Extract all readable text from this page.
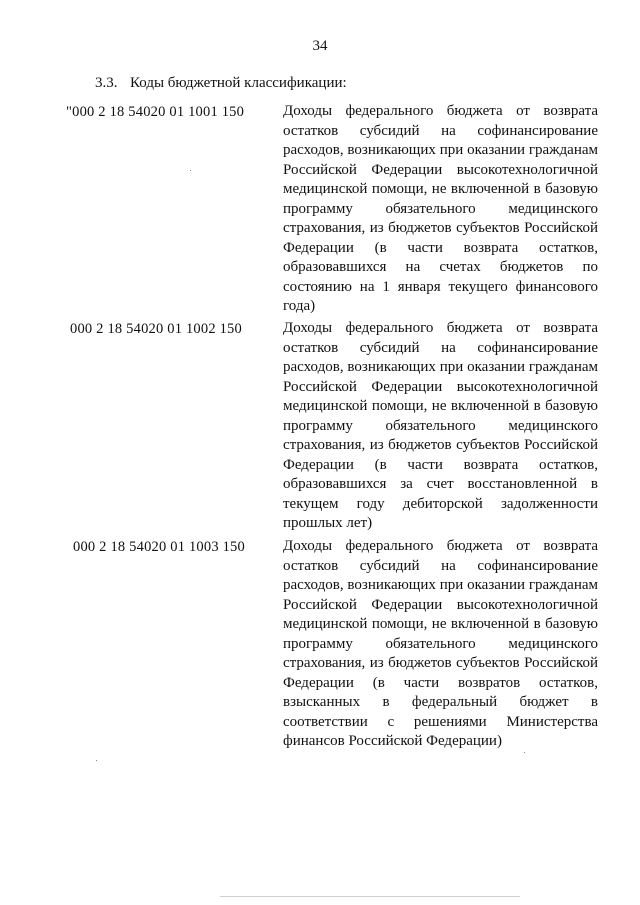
34
3.3. Коды бюджетной классификации:
"000 2 18 54020 01 1001 150	Доходы федерального бюджета от возврата
остатков субсидий на софинансирование
расходов, возникающих при оказании гражданам
Российской Федерации высокотехнологичной
медицинской помощи, не включенной в базовую
программу обязательного медицинского
страхования, из бюджетов субъектов Российской
Федерации (в части возврата остатков,
образовавшихся на счетах бюджетов по
состоянию на 1 января текущего финансового
года)
000 2 18 54020 01 1002 150	Доходы федерального бюджета от возврата
остатков субсидий на софинансирование
расходов, возникающих при оказании гражданам
Российской Федерации высокотехнологичной
медицинской помощи, не включенной в базовую
программу обязательного медицинского
страхования, из бюджетов субъектов Российской
Федерации (в части возврата остатков,
образовавшихся за счет восстановленной в
текущем году дебиторской задолженности
прошлых лет)
000 2 18 54020 01 1003 150	Доходы федерального бюджета от возврата
остатков субсидий на софинансирование
расходов, возникающих при оказании гражданам
Российской Федерации высокотехнологичной
медицинской помощи, не включенной в базовую
программу обязательного медицинского
страхования, из бюджетов субъектов Российской
Федерации (в части возвратов остатков,
взысканных в федеральный бюджет в
соответствии с решениями Министерства
финансов Российской Федерации)
